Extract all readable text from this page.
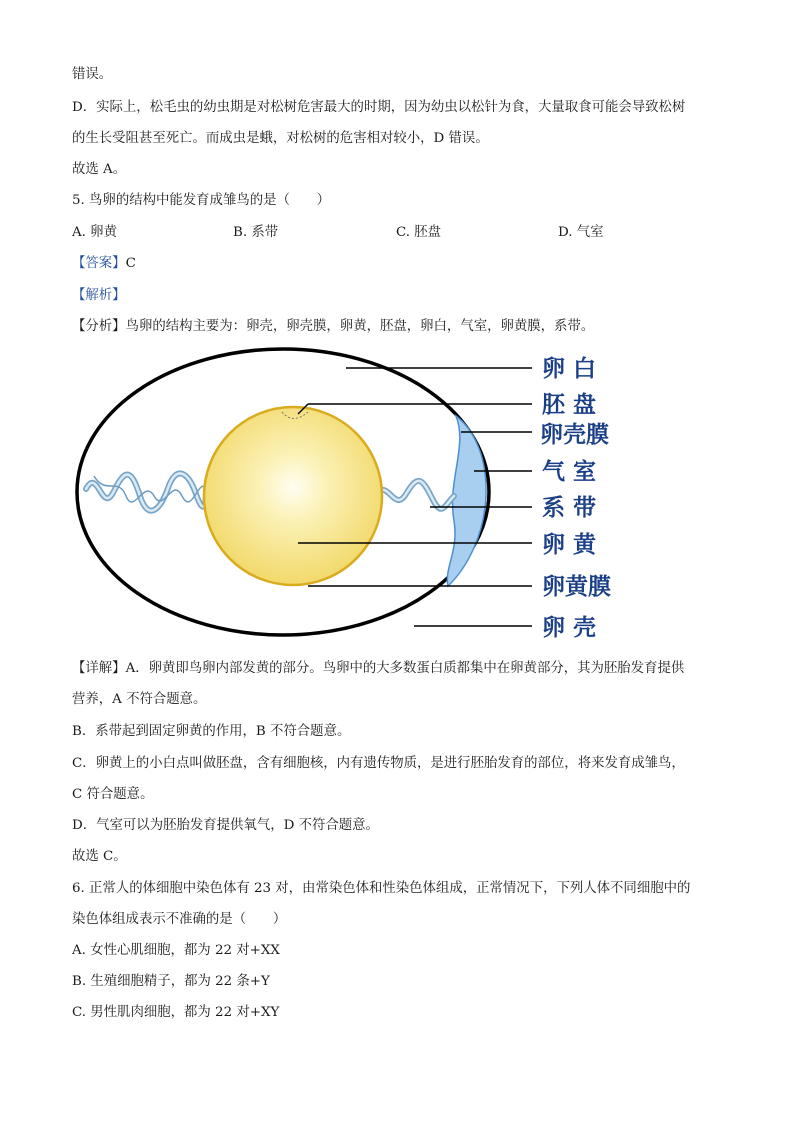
错误。
D．实际上，松毛虫的幼虫期是对松树危害最大的时期，因为幼虫以松针为食，大量取食可能会导致松树
的生长受阻甚至死亡。而成虫是蛾，对松树的危害相对较小，D 错误。
故选 A。
5. 鸟卵的结构中能发育成雏鸟的是（　　）
A. 卵黄	B. 系带	C. 胚盘	D. 气室
【答案】C
【解析】
【分析】鸟卵的结构主要为：卵壳，卵壳膜，卵黄，胚盘，卵白，气室，卵黄膜，系带。
卵 白
胚 盘
卵壳膜
气 室
系 带
卵 黄
卵黄膜
卵 壳
【详解】A．卵黄即鸟卵内部发黄的部分。鸟卵中的大多数蛋白质都集中在卵黄部分，其为胚胎发育提供
营养，A 不符合题意。
B．系带起到固定卵黄的作用，B 不符合题意。
C．卵黄上的小白点叫做胚盘，含有细胞核，内有遗传物质，是进行胚胎发育的部位，将来发育成雏鸟，
C 符合题意。
D．气室可以为胚胎发育提供氧气，D 不符合题意。
故选 C。
6. 正常人的体细胞中染色体有 23 对，由常染色体和性染色体组成，正常情况下，下列人体不同细胞中的
染色体组成表示不准确的是（　　）
A. 女性心肌细胞，都为 22 对+XX
B. 生殖细胞精子，都为 22 条+Y
C. 男性肌肉细胞，都为 22 对+XY
